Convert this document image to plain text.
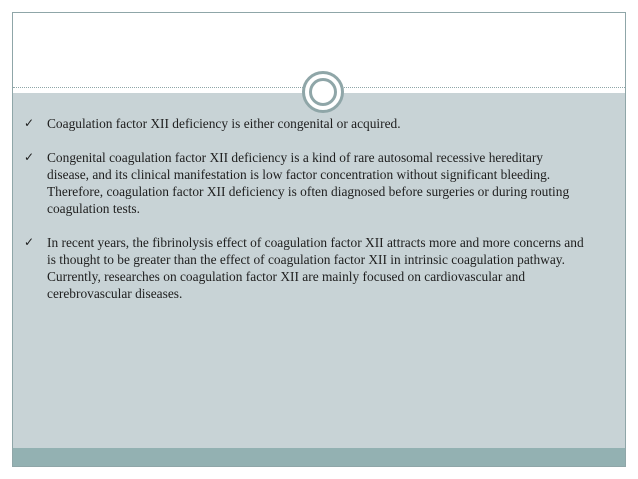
✓ Coagulation factor XII deficiency is either congenital or acquired.
✓ Congenital coagulation factor XII deficiency is a kind of rare autosomal recessive hereditary disease, and its clinical manifestation is low factor concentration without significant bleeding. Therefore, coagulation factor XII deficiency is often diagnosed before surgeries or during routing coagulation tests.
✓ In recent years, the fibrinolysis effect of coagulation factor XII attracts more and more concerns and is thought to be greater than the effect of coagulation factor XII in intrinsic coagulation pathway. Currently, researches on coagulation factor XII are mainly focused on cardiovascular and cerebrovascular diseases.
